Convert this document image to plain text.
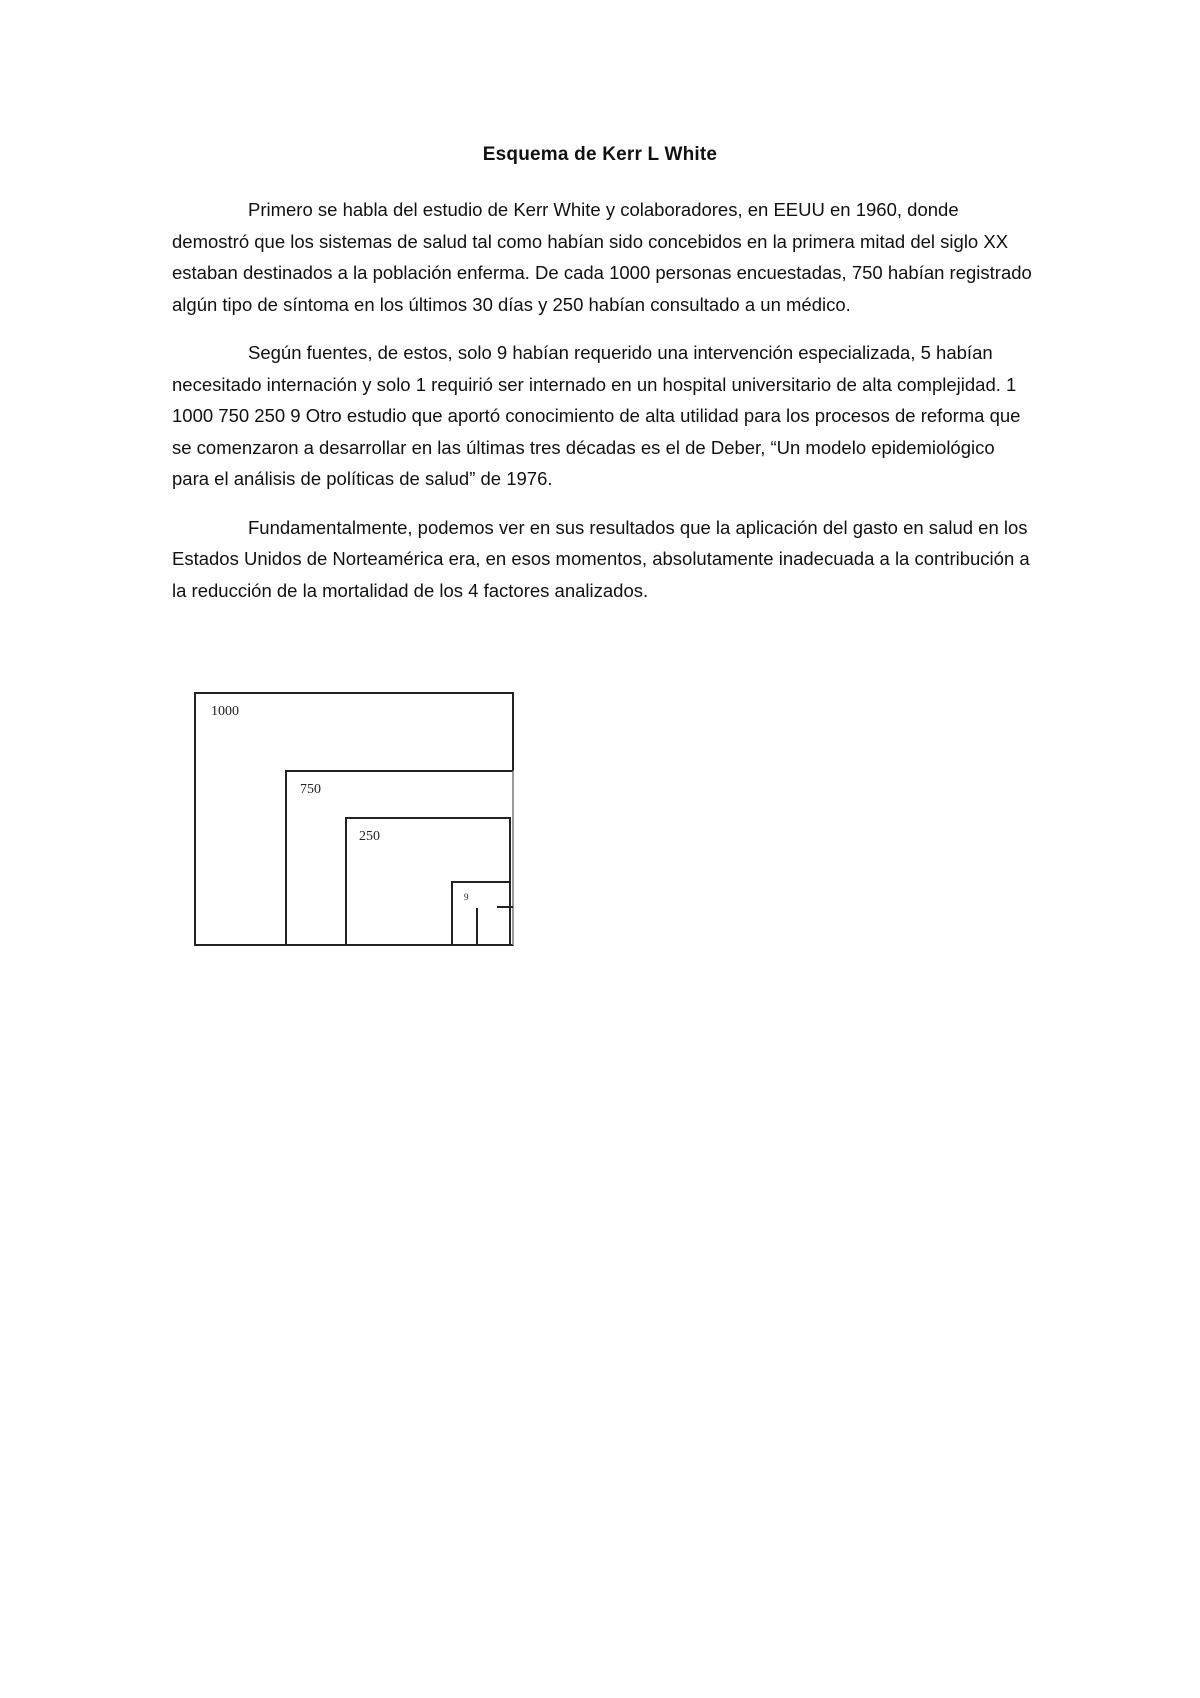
Esquema de Kerr L White

Primero se habla del estudio de Kerr White y colaboradores, en EEUU en 1960, donde demostró que los sistemas de salud tal como habían sido concebidos en la primera mitad del siglo XX estaban destinados a la población enferma. De cada 1000 personas encuestadas, 750 habían registrado algún tipo de síntoma en los últimos 30 días y 250 habían consultado a un médico.

Según fuentes, de estos, solo 9 habían requerido una intervención especializada, 5 habían necesitado internación y solo 1 requirió ser internado en un hospital universitario de alta complejidad. 1 1000 750 250 9 Otro estudio que aportó conocimiento de alta utilidad para los procesos de reforma que se comenzaron a desarrollar en las últimas tres décadas es el de Deber, “Un modelo epidemiológico para el análisis de políticas de salud” de 1976.

Fundamentalmente, podemos ver en sus resultados que la aplicación del gasto en salud en los Estados Unidos de Norteamérica era, en esos momentos, absolutamente inadecuada a la contribución a la reducción de la mortalidad de los 4 factores analizados.

1000
750
250
9
